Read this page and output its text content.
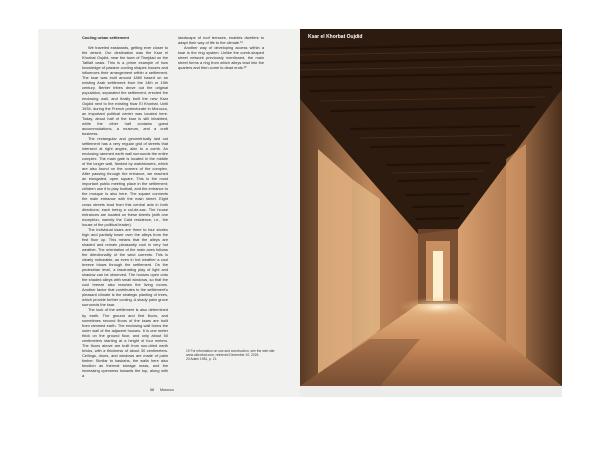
Cooling urban settlement

We traveled eastwards, getting ever closer to the desert. Our destination was the Ksar el Khorbat Oujdid, near the town of Tinejdad on the Tafilalt oasis. This is a prime example of how knowledge of passive cooling shapes houses and influences their arrangement within a settlement. The ksar was built around 1860 based on an existing Arab settlement from the 14th or 15th century. Berber tribes drove out the original population, separated the settlement, erected the enclosing wall, and finally built the new Ksar Oujdid next to the existing Ksar El Khorbat. Until 1934, during the French protectorate in Morocco, an important political center was located here. Today, about half of the ksar is still inhabited, while the other half contains guest accommodations, a museum, and a craft business.

The rectangular and geometrically laid out settlement has a very regular grid of streets that intersect at right angles, akin to a comb. An enclosing rammed earth wall surrounds the entire complex. The main gate is located in the middle of the longer wall, flanked by watchtowers, which are also found on the corners of the complex. After passing through the entrance, we reached an elongated, open square. This is the most important public meeting place in the settlement; children use it to play football, and the entrance to the mosque is also here. The square connects the main entrance with the main street. Eight cross streets lead from this central axis in both directions, each being a cul-de-sac. The house entrances are located on these streets (with one exception, namely the Caïd residence, i.e., the house of the political leader).

The individual ksars are three to four stories high and partially tower over the alleys from the first floor up. This means that the alleys are shaded and remain pleasantly cool in very hot weather. The orientation of the main axes follows the directionality of the wind currents. This is clearly noticeable, as even in hot weather a cool breeze blows through the settlement. On the pedestrian level, a fascinating play of light and shadow can be observed. The houses open onto the shaded alleys with small windows, so that the cool breeze also reaches the living rooms. Another factor that contributes to the settlement's pleasant climate is the strategic planting of trees, which provide further cooling. A shady palm grove surrounds the ksar.

The look of the settlement is also determined by earth. The ground and first floors, and sometimes second floors of the ksars are built from rammed earth. The enclosing wall forms the outer wall of the adjacent houses. It is one meter thick on the ground floor, and only about 50 centimeters starting at a height of four meters. The floors above are built from sun-dried earth bricks, with a thickness of about 30 centimeters. Ceilings, doors, and windows are made of palm timber. Similar to kasbahs, the walls here also function as thermal storage mass, and the increasing openness towards the top, along with a

landscape of roof terraces, enables dwellers to adapt their way of life to the climate.¹⁹

Another way of developing access within a ksar is the ring system. Unlike the comb-shaped street network previously mentioned, the main street forms a ring from which alleys lead into the quarters and then come to dead ends.²⁰

19 For information on use and construction, see the web site: www.ukhorbat.com, retrieved December 10, 2024.

20 Adam 1981, p. 21.

58 Morocco
Ksar el Khorbat Oujdid
